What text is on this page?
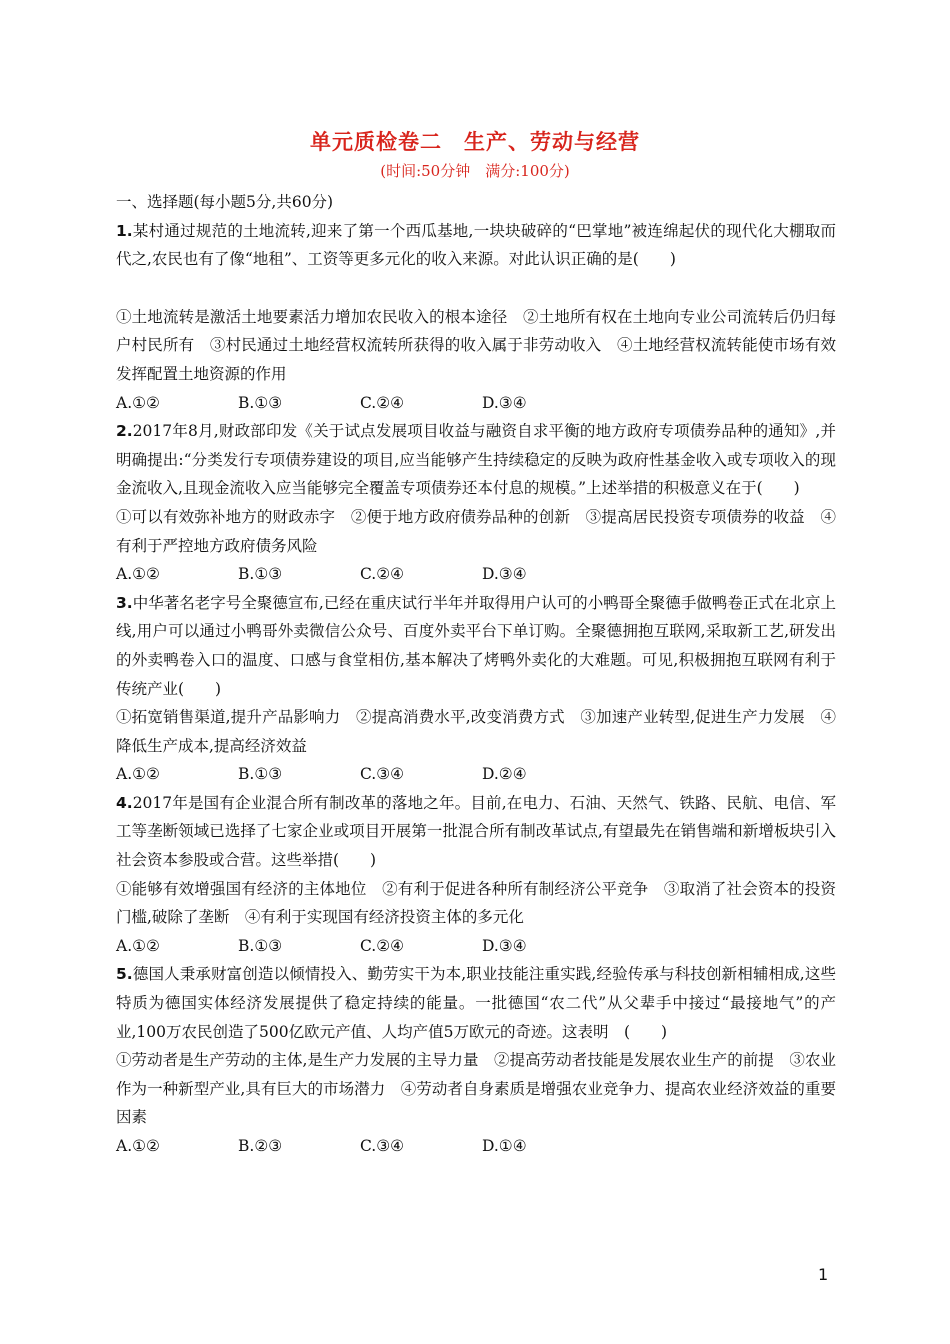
单元质检卷二　生产、劳动与经营
(时间:50分钟　满分:100分)

一、选择题(每小题5分,共60分)

1.某村通过规范的土地流转,迎来了第一个西瓜基地,一块块破碎的“巴掌地”被连绵起伏的现代化大棚取而代之,农民也有了像“地租”、工资等更多元化的收入来源。对此认识正确的是(　　)

①土地流转是激活土地要素活力增加农民收入的根本途径　②土地所有权在土地向专业公司流转后仍归每户村民所有　③村民通过土地经营权流转所获得的收入属于非劳动收入　④土地经营权流转能使市场有效发挥配置土地资源的作用

A.①②	B.①③	C.②④	D.③④

2.2017年8月,财政部印发《关于试点发展项目收益与融资自求平衡的地方政府专项债券品种的通知》,并明确提出:“分类发行专项债券建设的项目,应当能够产生持续稳定的反映为政府性基金收入或专项收入的现金流收入,且现金流收入应当能够完全覆盖专项债券还本付息的规模。”上述举措的积极意义在于(　　)

①可以有效弥补地方的财政赤字　②便于地方政府债券品种的创新　③提高居民投资专项债券的收益　④有利于严控地方政府债务风险

A.①②	B.①③	C.②④	D.③④

3.中华著名老字号全聚德宣布,已经在重庆试行半年并取得用户认可的小鸭哥全聚德手做鸭卷正式在北京上线,用户可以通过小鸭哥外卖微信公众号、百度外卖平台下单订购。全聚德拥抱互联网,采取新工艺,研发出的外卖鸭卷入口的温度、口感与食堂相仿,基本解决了烤鸭外卖化的大难题。可见,积极拥抱互联网有利于传统产业(　　)

①拓宽销售渠道,提升产品影响力　②提高消费水平,改变消费方式　③加速产业转型,促进生产力发展　④降低生产成本,提高经济效益

A.①②	B.①③	C.③④	D.②④

4.2017年是国有企业混合所有制改革的落地之年。目前,在电力、石油、天然气、铁路、民航、电信、军工等垄断领域已选择了七家企业或项目开展第一批混合所有制改革试点,有望最先在销售端和新增板块引入社会资本参股或合营。这些举措(　　)

①能够有效增强国有经济的主体地位　②有利于促进各种所有制经济公平竞争　③取消了社会资本的投资门槛,破除了垄断　④有利于实现国有经济投资主体的多元化

A.①②	B.①③	C.②④	D.③④

5.德国人秉承财富创造以倾情投入、勤劳实干为本,职业技能注重实践,经验传承与科技创新相辅相成,这些特质为德国实体经济发展提供了稳定持续的能量。一批德国“农二代”从父辈手中接过“最接地气”的产业,100万农民创造了500亿欧元产值、人均产值5万欧元的奇迹。这表明　(　　)

①劳动者是生产劳动的主体,是生产力发展的主导力量　②提高劳动者技能是发展农业生产的前提　③农业作为一种新型产业,具有巨大的市场潜力　④劳动者自身素质是增强农业竞争力、提高农业经济效益的重要因素

A.①②	B.②③	C.③④	D.①④
1
